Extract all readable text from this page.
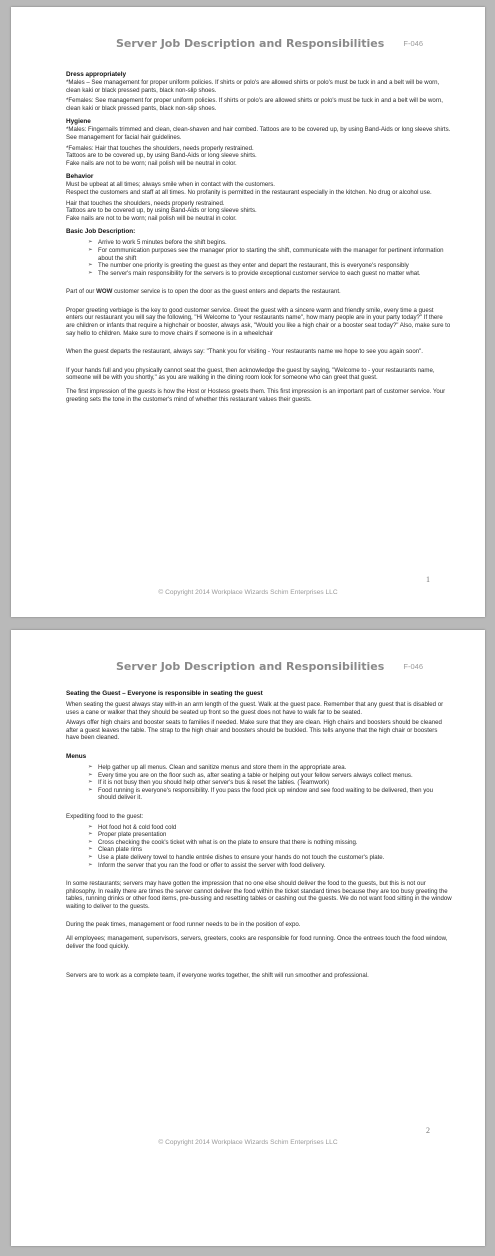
Server Job Description and Responsibilities	F-046
Dress appropriately

*Males – See management for proper uniform policies. If shirts or polo's are allowed shirts or polo's must be tuck in and a belt will be worn, clean kaki or black pressed pants, black non-slip shoes.

*Females: See management for proper uniform policies. If shirts or polo's are allowed shirts or polo's must be tuck in and a belt will be worn, clean kaki or black pressed pants, black non-slip shoes.

Hygiene

*Males: Fingernails trimmed and clean, clean-shaven and hair combed. Tattoos are to be covered up, by using Band-Aids or long sleeve shirts. See management for facial hair guidelines.

*Females: Hair that touches the shoulders, needs properly restrained.

Tattoos are to be covered up, by using Band-Aids or long sleeve shirts.

Fake nails are not to be worn; nail polish will be neutral in color.

Behavior

Must be upbeat at all times; always smile when in contact with the customers.

Respect the customers and staff at all times. No profanity is permitted in the restaurant especially in the kitchen. No drug or alcohol use.

Hair that touches the shoulders, needs properly restrained.

Tattoos are to be covered up, by using Band-Aids or long sleeve shirts.

Fake nails are not to be worn; nail polish will be neutral in color.

Basic Job Description:
➢ Arrive to work 5 minutes before the shift begins.
➢ For communication purposes see the manager prior to starting the shift, communicate with the manager for pertinent information about the shift
➢ The number one priority is greeting the guest as they enter and depart the restaurant, this is everyone's responsibly
➢ The server's main responsibility for the servers is to provide exceptional customer service to each guest no matter what.

Part of our WOW customer service is to open the door as the guest enters and departs the restaurant.

Proper greeting verbiage is the key to good customer service. Greet the guest with a sincere warm and friendly smile, every time a guest enters our restaurant you will say the following, "Hi Welcome to "your restaurants name", how many people are in your party today?" If there are children or infants that require a highchair or booster, always ask, "Would you like a high chair or a booster seat today?" Also, make sure to say hello to children. Make sure to move chairs if someone is in a wheelchair

When the guest departs the restaurant, always say: "Thank you for visiting - Your restaurants name we hope to see you again soon".

If your hands full and you physically cannot seat the guest, then acknowledge the guest by saying, "Welcome to - your restaurants name, someone will be with you shortly," as you are walking in the dining room look for someone who can greet that guest.

The first impression of the guests is how the Host or Hostess greets them. This first impression is an important part of customer service. Your greeting sets the tone in the customer's mind of whether this restaurant values their guests.

1
© Copyright 2014 Workplace Wizards Schim Enterprises LLC
Server Job Description and Responsibilities	F-046
Seating the Guest – Everyone is responsible in seating the guest

When seating the guest always stay with-in an arm length of the guest. Walk at the guest pace. Remember that any guest that is disabled or uses a cane or walker that they should be seated up front so the guest does not have to walk far to be seated.

Always offer high chairs and booster seats to families if needed. Make sure that they are clean. High chairs and boosters should be cleaned after a guest leaves the table. The strap to the high chair and boosters should be buckled. This tells anyone that the high chair or boosters have been cleaned.

Menus
➢ Help gather up all menus. Clean and sanitize menus and store them in the appropriate area.
➢ Every time you are on the floor such as, after seating a table or helping out your fellow servers always collect menus.
➢ If it is not busy then you should help other server's bus & reset the tables. (Teamwork)
➢ Food running is everyone's responsibility. If you pass the food pick up window and see food waiting to be delivered, then you should deliver it.

Expediting food to the guest:

➢ Hot food hot & cold food cold
➢ Proper plate presentation
➢ Cross checking the cook's ticket with what is on the plate to ensure that there is nothing missing.
➢ Clean plate rims
➢ Use a plate delivery towel to handle entrée dishes to ensure your hands do not touch the customer's plate.
➢ Inform the server that you ran the food or offer to assist the server with food delivery.

In some restaurants; servers may have gotten the impression that no one else should deliver the food to the guests, but this is not our philosophy. In reality there are times the server cannot deliver the food within the ticket standard times because they are too busy greeting the tables, running drinks or other food items, pre-bussing and resetting tables or cashing out the guests. We do not want food sitting in the window waiting to deliver to the guests.

During the peak times, management or food runner needs to be in the position of expo.

All employees; management, supervisors, servers, greeters, cooks are responsible for food running. Once the entrees touch the food window, deliver the food quickly.

Servers are to work as a complete team, if everyone works together, the shift will run smoother and professional.

2
© Copyright 2014 Workplace Wizards Schim Enterprises LLC
